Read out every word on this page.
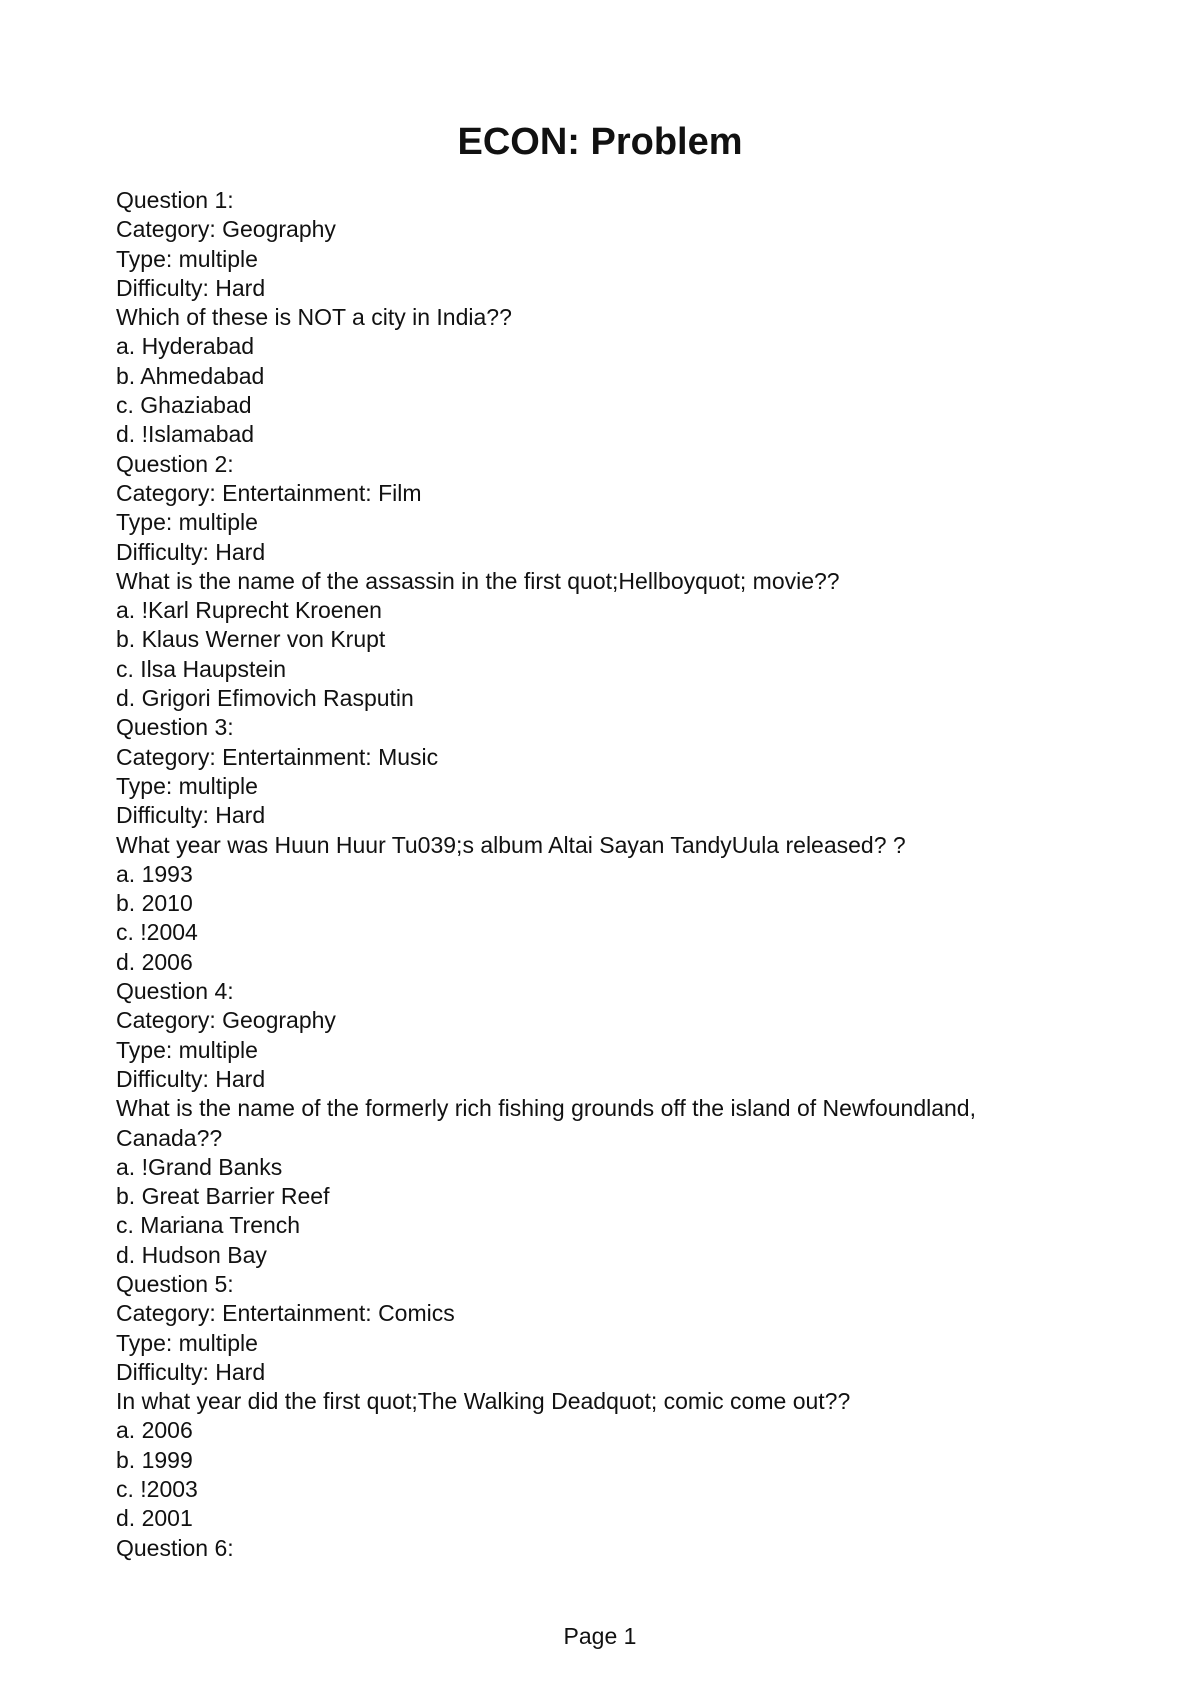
ECON: Problem
Question 1:
Category: Geography
Type: multiple
Difficulty: Hard
Which of these is NOT a city in India??
a. Hyderabad
b. Ahmedabad
c. Ghaziabad
d. !Islamabad
Question 2:
Category: Entertainment: Film
Type: multiple
Difficulty: Hard
What is the name of the assassin in the first quot;Hellboyquot; movie??
a. !Karl Ruprecht Kroenen
b. Klaus Werner von Krupt
c. Ilsa Haupstein
d. Grigori Efimovich Rasputin
Question 3:
Category: Entertainment: Music
Type: multiple
Difficulty: Hard
What year was Huun Huur Tu039;s album Altai Sayan TandyUula released? ?
a. 1993
b. 2010
c. !2004
d. 2006
Question 4:
Category: Geography
Type: multiple
Difficulty: Hard
What is the name of the formerly rich fishing grounds off the island of Newfoundland, Canada??
a. !Grand Banks
b. Great Barrier Reef
c. Mariana Trench
d. Hudson Bay
Question 5:
Category: Entertainment: Comics
Type: multiple
Difficulty: Hard
In what year did the first quot;The Walking Deadquot; comic come out??
a. 2006
b. 1999
c. !2003
d. 2001
Question 6:
Page 1
